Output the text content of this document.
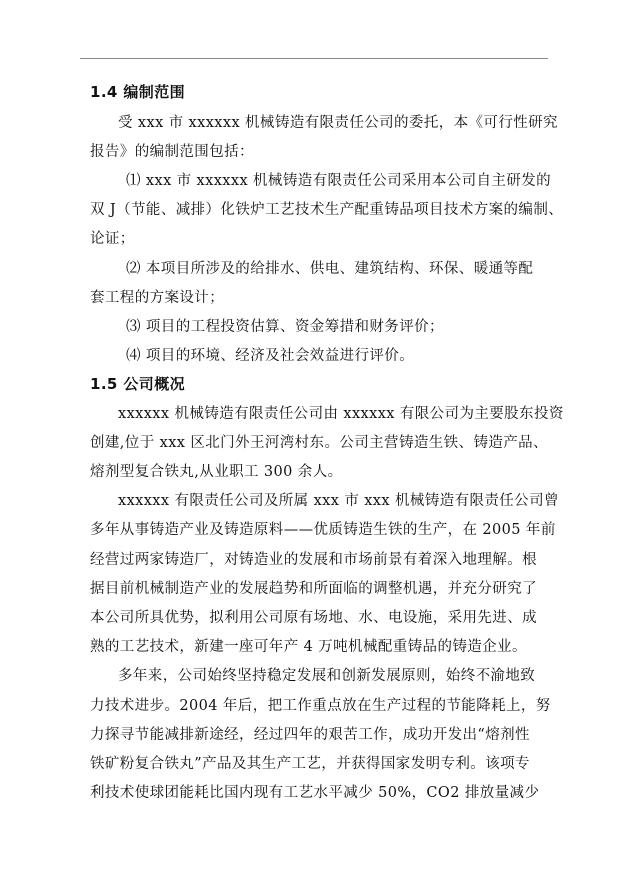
1.4 编制范围
受 xxx 市 xxxxxx 机械铸造有限责任公司的委托，本《可行性研究
报告》的编制范围包括：
⑴ xxx 市 xxxxxx 机械铸造有限责任公司采用本公司自主研发的
双 J（节能、减排）化铁炉工艺技术生产配重铸品项目技术方案的编制、
论证；
⑵ 本项目所涉及的给排水、供电、建筑结构、环保、暖通等配
套工程的方案设计；
⑶ 项目的工程投资估算、资金筹措和财务评价；
⑷ 项目的环境、经济及社会效益进行评价。
1.5 公司概况
xxxxxx 机械铸造有限责任公司由 xxxxxx 有限公司为主要股东投资
创建,位于 xxx 区北门外王河湾村东。公司主营铸造生铁、铸造产品、
熔剂型复合铁丸,从业职工 300 余人。
xxxxxx 有限责任公司及所属 xxx 市 xxx 机械铸造有限责任公司曾
多年从事铸造产业及铸造原料——优质铸造生铁的生产，在 2005 年前
经营过两家铸造厂，对铸造业的发展和市场前景有着深入地理解。根
据目前机械制造产业的发展趋势和所面临的调整机遇，并充分研究了
本公司所具优势，拟利用公司原有场地、水、电设施，采用先进、成
熟的工艺技术，新建一座可年产 4 万吨机械配重铸品的铸造企业。
多年来，公司始终坚持稳定发展和创新发展原则，始终不渝地致
力技术进步。2004 年后，把工作重点放在生产过程的节能降耗上，努
力探寻节能减排新途经，经过四年的艰苦工作，成功开发出“熔剂性
铁矿粉复合铁丸”产品及其生产工艺，并获得国家发明专利。该项专
利技术使球团能耗比国内现有工艺水平减少 50%，CO2 排放量减少
